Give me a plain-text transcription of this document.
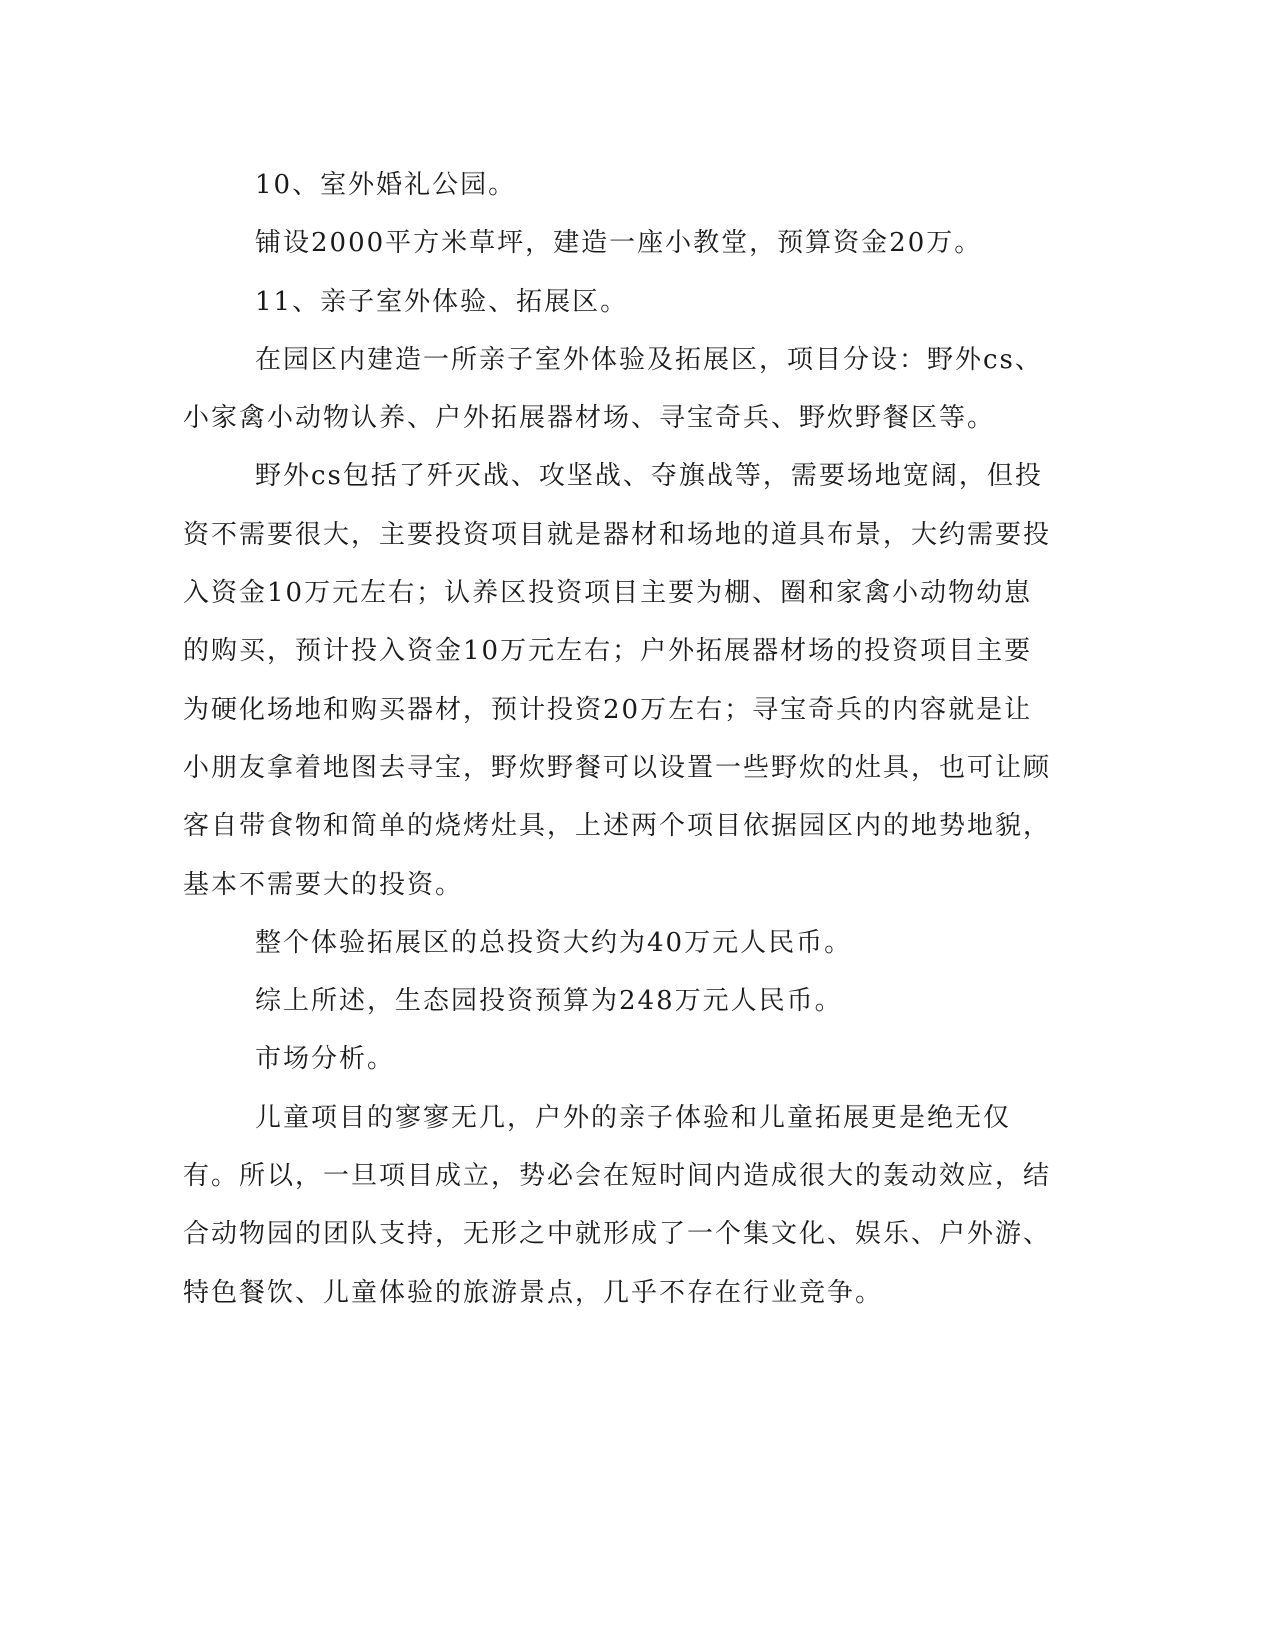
10、室外婚礼公园。

铺设2000平方米草坪，建造一座小教堂，预算资金20万。

11、亲子室外体验、拓展区。

在园区内建造一所亲子室外体验及拓展区，项目分设：野外cs、小家禽小动物认养、户外拓展器材场、寻宝奇兵、野炊野餐区等。

野外cs包括了歼灭战、攻坚战、夺旗战等，需要场地宽阔，但投资不需要很大，主要投资项目就是器材和场地的道具布景，大约需要投入资金10万元左右；认养区投资项目主要为棚、圈和家禽小动物幼崽的购买，预计投入资金10万元左右；户外拓展器材场的投资项目主要为硬化场地和购买器材，预计投资20万左右；寻宝奇兵的内容就是让小朋友拿着地图去寻宝，野炊野餐可以设置一些野炊的灶具，也可让顾客自带食物和简单的烧烤灶具，上述两个项目依据园区内的地势地貌，基本不需要大的投资。

整个体验拓展区的总投资大约为40万元人民币。

综上所述，生态园投资预算为248万元人民币。

市场分析。

儿童项目的寥寥无几，户外的亲子体验和儿童拓展更是绝无仅有。所以，一旦项目成立，势必会在短时间内造成很大的轰动效应，结合动物园的团队支持，无形之中就形成了一个集文化、娱乐、户外游、特色餐饮、儿童体验的旅游景点，几乎不存在行业竞争。
